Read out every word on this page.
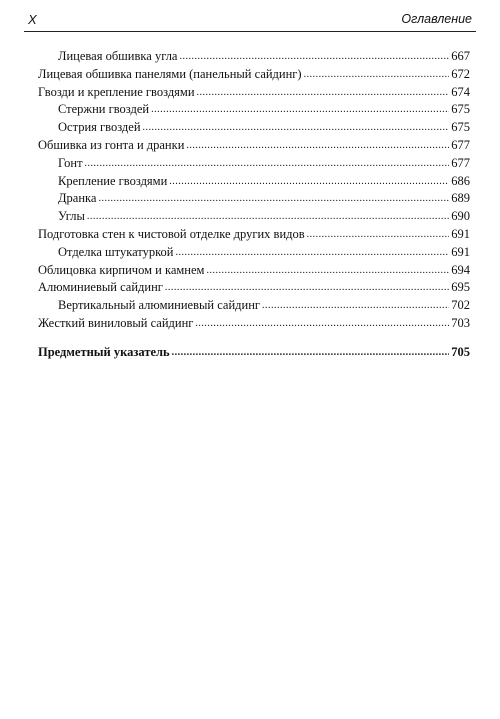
X	Оглавление
Лицевая обшивка угла .....	667
Лицевая обшивка панелями (панельный сайдинг) .....	672
Гвозди и крепление гвоздями .....	674
Стержни гвоздей .....	675
Острия гвоздей .....	675
Обшивка из гонта и дранки .....	677
Гонт .....	677
Крепление гвоздями .....	686
Дранка .....	689
Углы .....	690
Подготовка стен к чистовой отделке других видов .....	691
Отделка штукатуркой .....	691
Облицовка кирпичом и камнем .....	694
Алюминиевый сайдинг .....	695
Вертикальный алюминиевый сайдинг .....	702
Жесткий виниловый сайдинг .....	703
Предметный указатель .....	705
